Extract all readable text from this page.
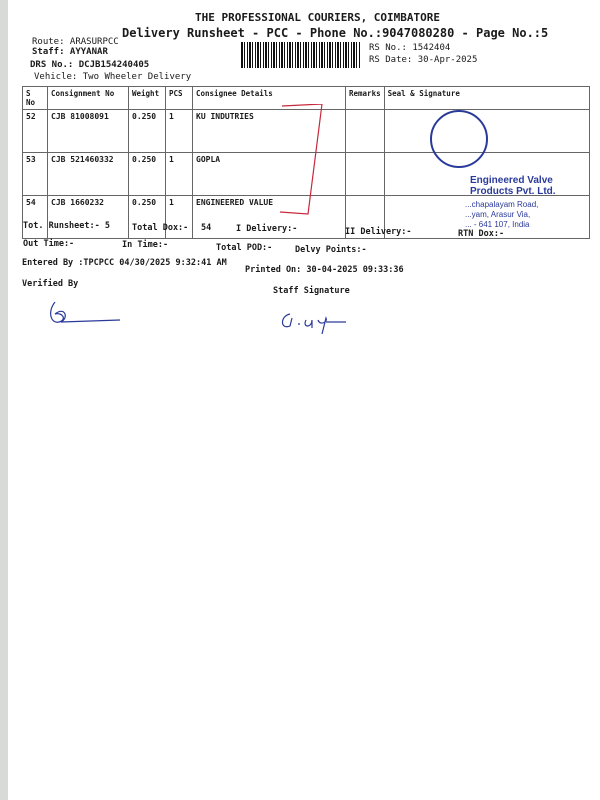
THE PROFESSIONAL COURIERS, COIMBATORE
Delivery Runsheet - PCC - Phone No.:9047080280 - Page No.:5
Route: ARASURPCC
Staff: AYYANAR
DRS No.: DCJB154240405
Vehicle: Two Wheeler Delivery
RS No.: 1542404
RS Date: 30-Apr-2025
S No	Consignment No	Weight	PCS	Consignee Details	Remarks	Seal & Signature
52	CJB 81008091	0.250	1	KU INDUTRIES		
53	CJB 521460332	0.250	1	GOPLA		
54	CJB 1660232	0.250	1	ENGINEERED VALUE		
Engineered Valve
Products Pvt. Ltd.
...chapalayam Road,
...yam, Arasur Via,
... - 641 107, India
Tot. Runsheet:- 5	Total Dox:- 54	I Delivery:-	II Delivery:-	RTN Dox:-
Out Time:-	In Time:-	Total POD:-	Delvy Points:-
Entered By :TPCPCC 04/30/2025 9:32:41 AM
Printed On: 30-04-2025 09:33:36
Verified By
Staff Signature
